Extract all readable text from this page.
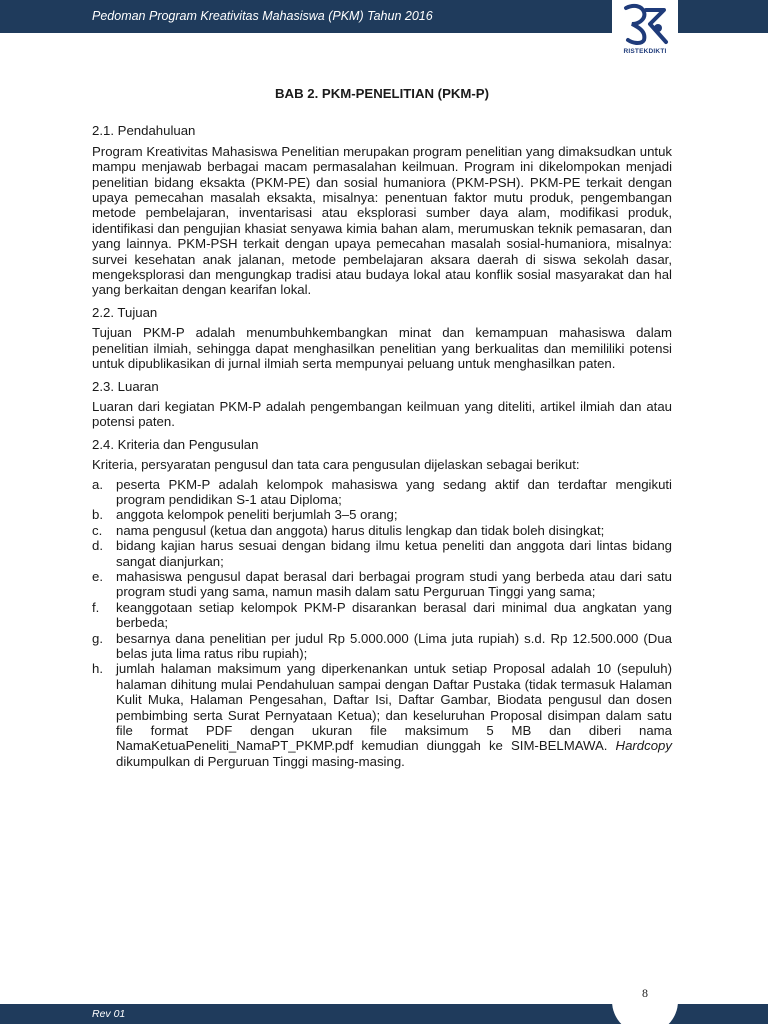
Pedoman Program Kreativitas Mahasiswa (PKM) Tahun 2016
RISTEKDIKTI
BAB 2. PKM-PENELITIAN (PKM-P)
2.1. Pendahuluan
Program Kreativitas Mahasiswa Penelitian merupakan program penelitian yang dimaksudkan untuk mampu menjawab berbagai macam permasalahan keilmuan. Program ini dikelompokan menjadi penelitian bidang eksakta (PKM-PE) dan sosial humaniora (PKM-PSH). PKM-PE terkait dengan upaya pemecahan masalah eksakta, misalnya: penentuan faktor mutu produk, pengembangan metode pembelajaran, inventarisasi atau eksplorasi sumber daya alam, modifikasi produk, identifikasi dan pengujian khasiat senyawa kimia bahan alam, merumuskan teknik pemasaran, dan yang lainnya. PKM-PSH terkait dengan upaya pemecahan masalah sosial-humaniora, misalnya: survei kesehatan anak jalanan, metode pembelajaran aksara daerah di siswa sekolah dasar, mengeksplorasi dan mengungkap tradisi atau budaya lokal atau konflik sosial masyarakat dan hal yang berkaitan dengan kearifan lokal.
2.2. Tujuan
Tujuan PKM-P adalah menumbuhkembangkan minat dan kemampuan mahasiswa dalam penelitian ilmiah, sehingga dapat menghasilkan penelitian yang berkualitas dan memililiki potensi untuk dipublikasikan di jurnal ilmiah serta mempunyai peluang untuk menghasilkan paten.
2.3. Luaran
Luaran dari kegiatan PKM-P adalah pengembangan keilmuan yang diteliti, artikel ilmiah dan atau potensi paten.
2.4. Kriteria dan Pengusulan
Kriteria, persyaratan pengusul dan tata cara pengusulan dijelaskan sebagai berikut:
a. peserta PKM-P adalah kelompok mahasiswa yang sedang aktif dan terdaftar mengikuti program pendidikan S-1 atau Diploma;
b. anggota kelompok peneliti berjumlah 3–5 orang;
c.	nama pengusul (ketua dan anggota) harus ditulis lengkap dan tidak boleh disingkat;
d. bidang kajian harus sesuai dengan bidang ilmu ketua peneliti dan anggota dari lintas bidang sangat dianjurkan;
e. mahasiswa pengusul dapat berasal dari berbagai program studi yang berbeda atau dari satu program studi yang sama, namun masih dalam satu Perguruan Tinggi yang sama;
f.	keanggotaan setiap kelompok PKM-P disarankan berasal dari minimal dua angkatan yang berbeda;
g. besarnya dana penelitian per judul Rp 5.000.000 (Lima juta rupiah) s.d. Rp 12.500.000 (Dua belas juta lima ratus ribu rupiah);
h. jumlah halaman maksimum yang diperkenankan untuk setiap Proposal adalah 10 (sepuluh) halaman dihitung mulai Pendahuluan sampai dengan Daftar Pustaka (tidak termasuk Halaman Kulit Muka, Halaman Pengesahan, Daftar Isi, Daftar Gambar, Biodata pengusul dan dosen pembimbing serta Surat Pernyataan Ketua); dan keseluruhan Proposal disimpan dalam satu file format PDF dengan ukuran file maksimum 5 MB dan diberi nama NamaKetuaPeneliti_NamaPT_PKMP.pdf kemudian diunggah ke SIM-BELMAWA. Hardcopy dikumpulkan di Perguruan Tinggi masing-masing.
Rev 01
8
